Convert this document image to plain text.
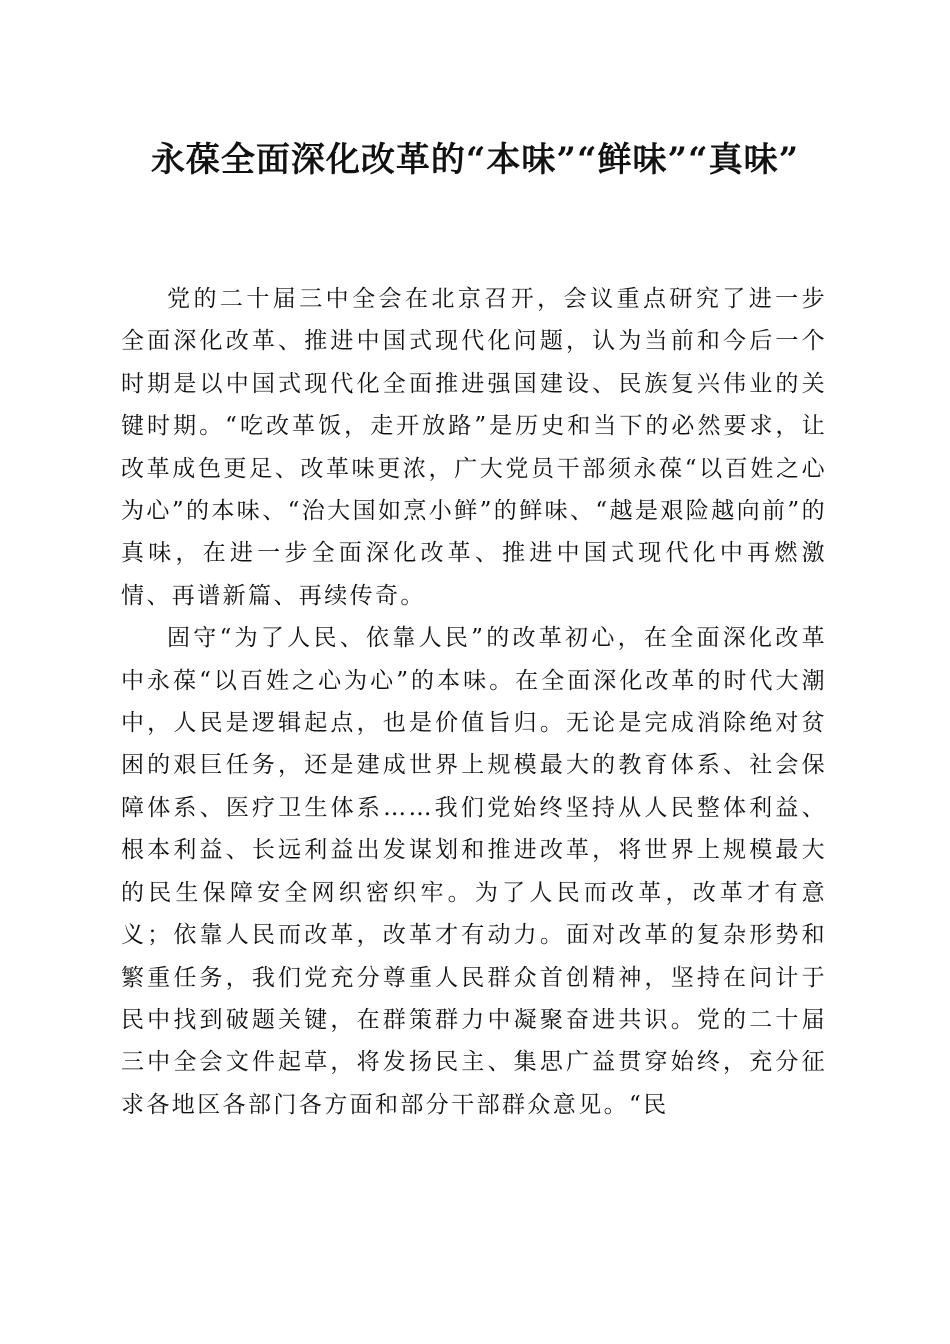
永葆全面深化改革的“本味”“鲜味”“真味”

党的二十届三中全会在北京召开，会议重点研究了进一步全面深化改革、推进中国式现代化问题，认为当前和今后一个时期是以中国式现代化全面推进强国建设、民族复兴伟业的关键时期。“吃改革饭，走开放路”是历史和当下的必然要求，让改革成色更足、改革味更浓，广大党员干部须永葆“以百姓之心为心”的本味、“治大国如烹小鲜”的鲜味、“越是艰险越向前”的真味，在进一步全面深化改革、推进中国式现代化中再燃激情、再谱新篇、再续传奇。

固守“为了人民、依靠人民”的改革初心，在全面深化改革中永葆“以百姓之心为心”的本味。在全面深化改革的时代大潮中，人民是逻辑起点，也是价值旨归。无论是完成消除绝对贫困的艰巨任务，还是建成世界上规模最大的教育体系、社会保障体系、医疗卫生体系……我们党始终坚持从人民整体利益、根本利益、长远利益出发谋划和推进改革，将世界上规模最大的民生保障安全网织密织牢。为了人民而改革，改革才有意义；依靠人民而改革，改革才有动力。面对改革的复杂形势和繁重任务，我们党充分尊重人民群众首创精神，坚持在问计于民中找到破题关键，在群策群力中凝聚奋进共识。党的二十届三中全会文件起草，将发扬民主、集思广益贯穿始终，充分征求各地区各部门各方面和部分干部群众意见。“民
